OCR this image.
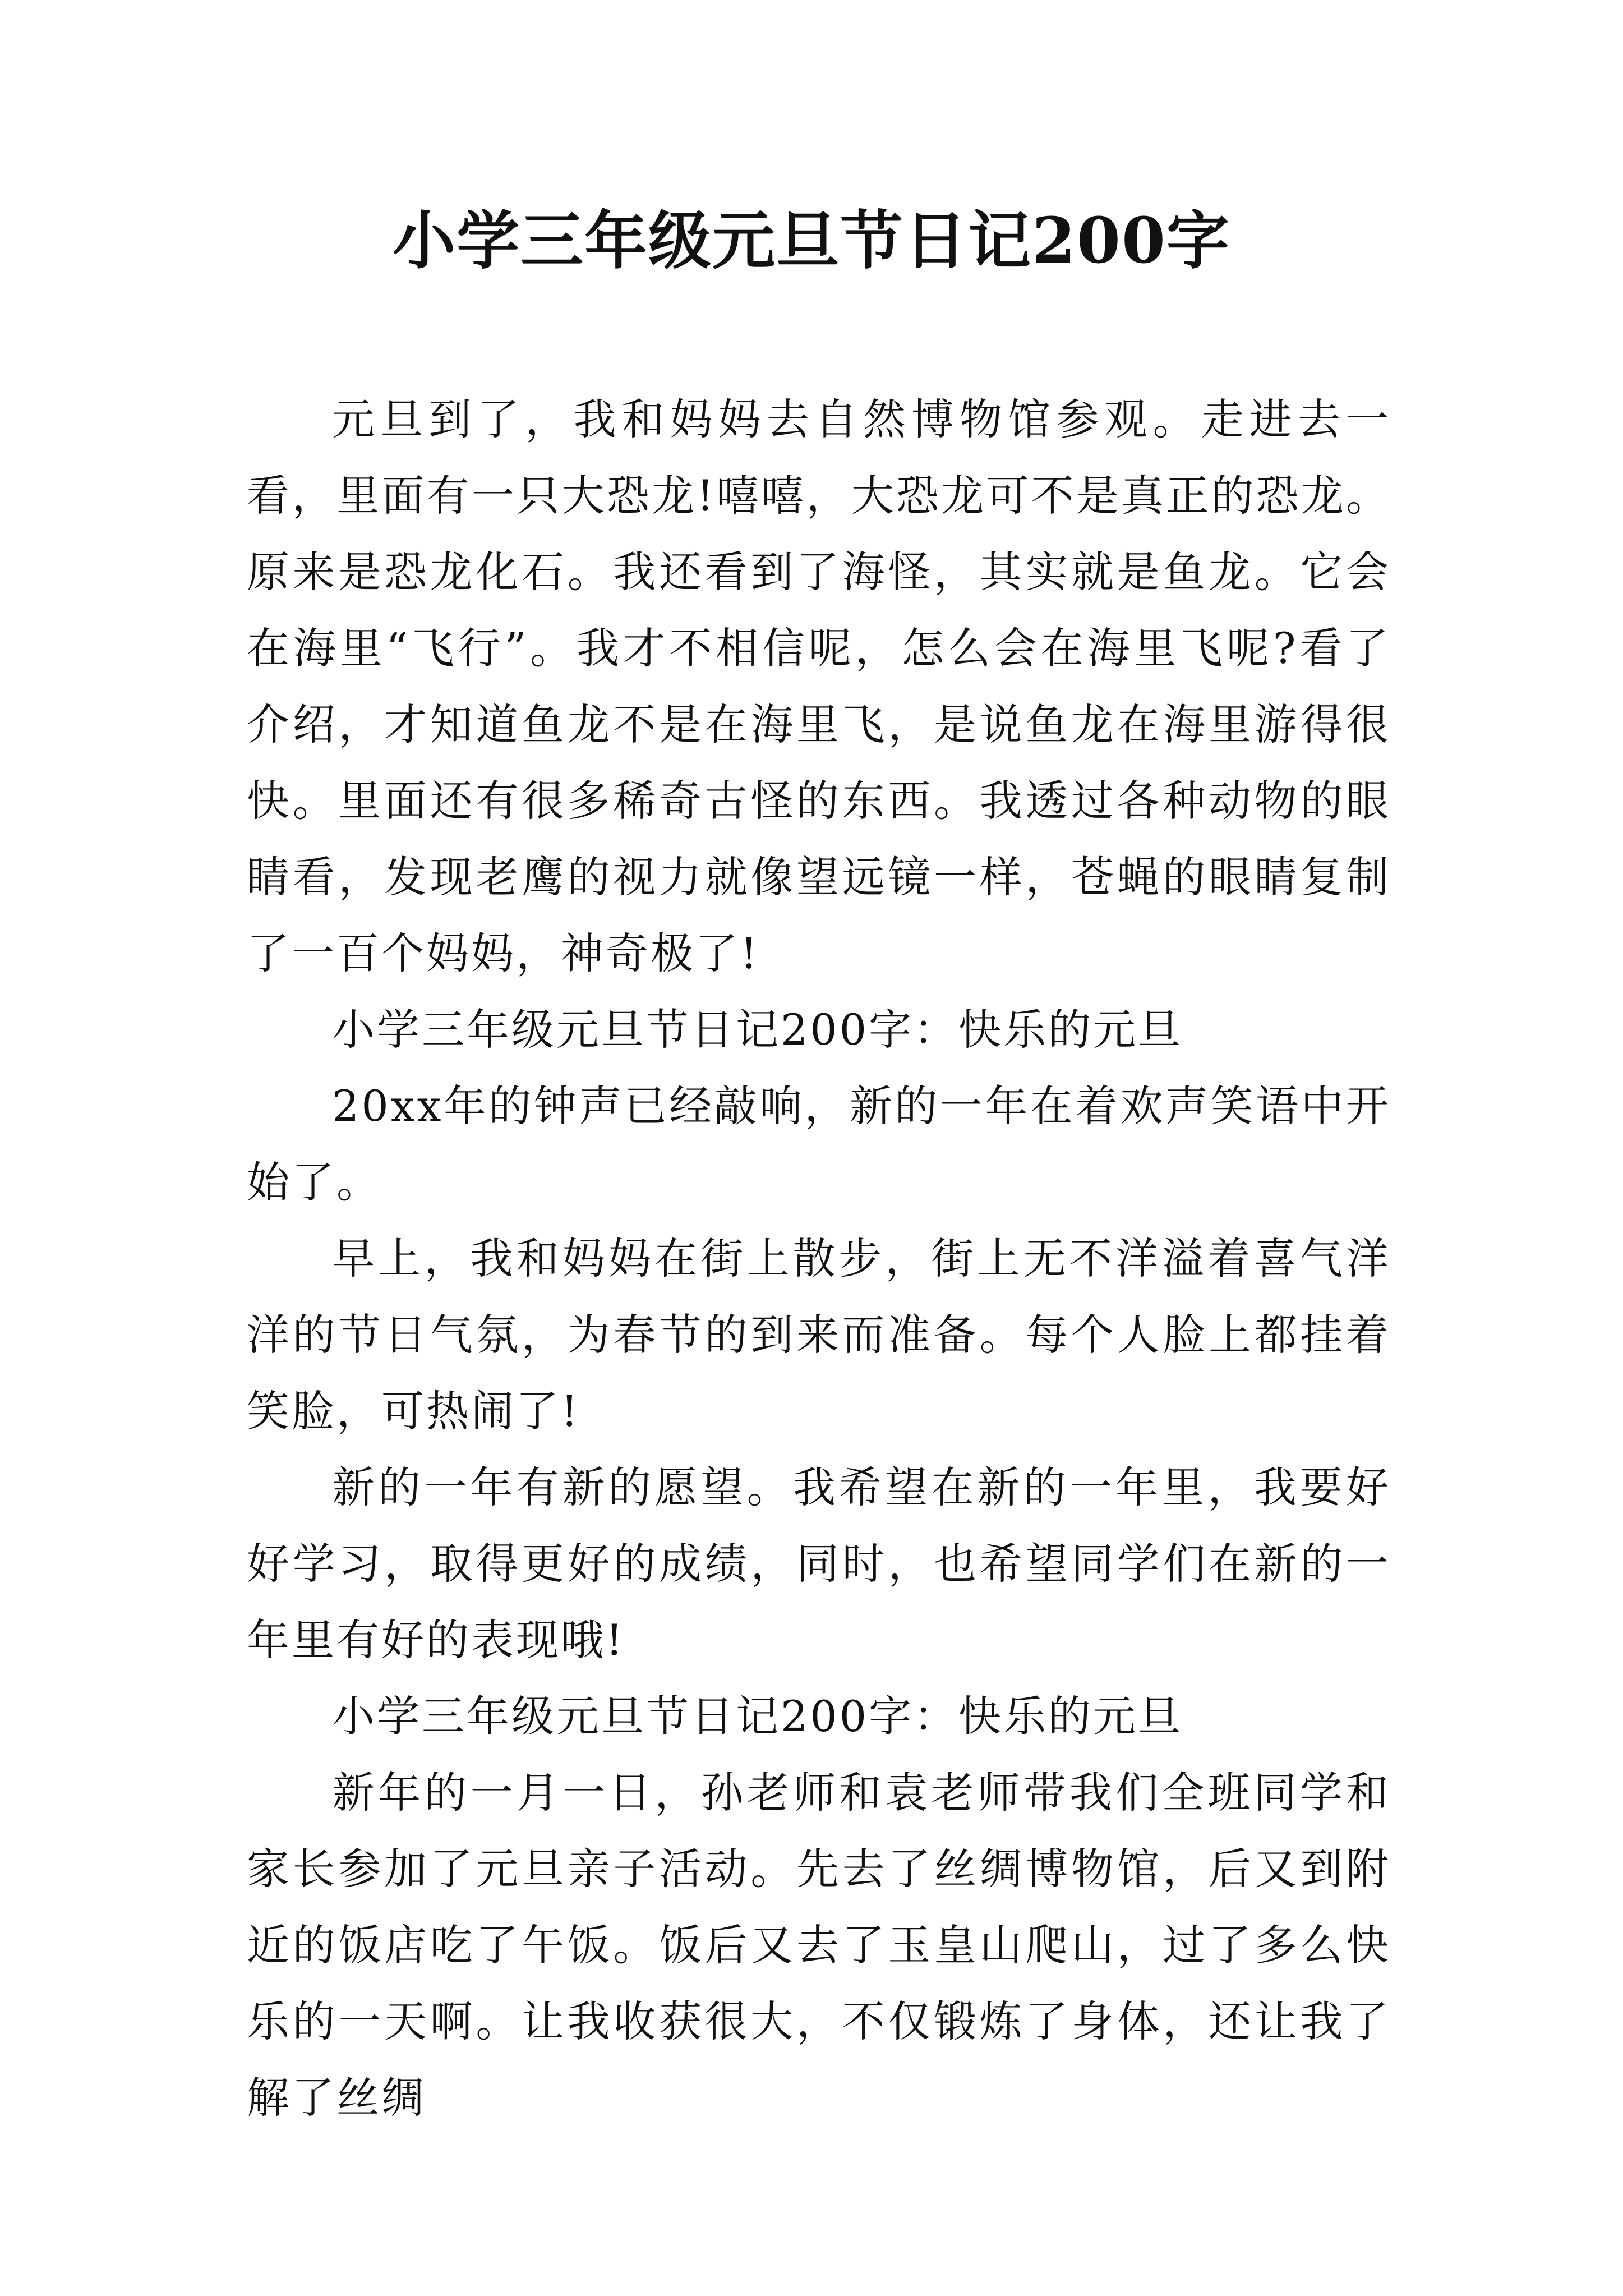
小学三年级元旦节日记200字

元旦到了，我和妈妈去自然博物馆参观。走进去一看，里面有一只大恐龙!嘻嘻，大恐龙可不是真正的恐龙。原来是恐龙化石。我还看到了海怪，其实就是鱼龙。它会在海里“飞行”。我才不相信呢，怎么会在海里飞呢?看了介绍，才知道鱼龙不是在海里飞，是说鱼龙在海里游得很快。里面还有很多稀奇古怪的东西。我透过各种动物的眼睛看，发现老鹰的视力就像望远镜一样，苍蝇的眼睛复制了一百个妈妈，神奇极了!

小学三年级元旦节日记200字：快乐的元旦

20xx年的钟声已经敲响，新的一年在着欢声笑语中开始了。

早上，我和妈妈在街上散步，街上无不洋溢着喜气洋洋的节日气氛，为春节的到来而准备。每个人脸上都挂着笑脸，可热闹了!

新的一年有新的愿望。我希望在新的一年里，我要好好学习，取得更好的成绩，同时，也希望同学们在新的一年里有好的表现哦!

小学三年级元旦节日记200字：快乐的元旦

新年的一月一日，孙老师和袁老师带我们全班同学和家长参加了元旦亲子活动。先去了丝绸博物馆，后又到附近的饭店吃了午饭。饭后又去了玉皇山爬山，过了多么快乐的一天啊。让我收获很大，不仅锻炼了身体，还让我了解了丝绸
